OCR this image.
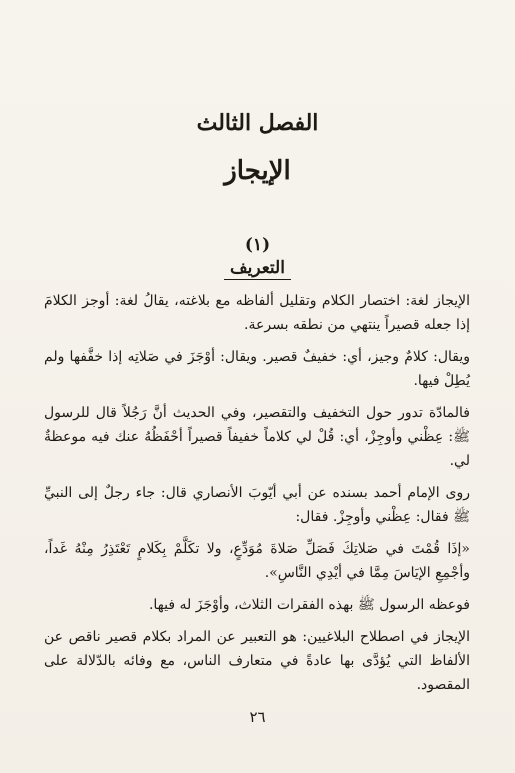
الفصل الثالث
الإيجاز
(١)
التعريف

الإيجاز لغة: اختصار الكلام وتقليل ألفاظه مع بلاغته، يقالُ لغة: أوجز الكلامَ إذا جعله قصيراً ينتهي من نطقه بسرعة.

ويقال: كلامٌ وجيز، أي: خفيفٌ قصير. ويقال: أوْجَزَ في صَلاتِه إذا خفَّفها ولم يُطِلْ فيها.

فالمادّة تدور حول التخفيف والتقصير، وفي الحديث أنَّ رَجُلاً قال للرسول ﷺ: عِظْني وأوجِزْ، أي: قُلْ لي كلاماً خفيفاً قصيراً أحْفَظُهُ عنك فيه موعظةٌ لي.

روى الإمام أحمد بسنده عن أبي أيّوبَ الأنصاري قال: جاء رجلٌ إلى النبيِّ ﷺ فقال: عِظْني وأوجِزْ. فقال:

«إذَا قُمْتَ في صَلاتِكَ فَصَلِّ صَلاةَ مُوَدِّعٍ، ولا تكَلَّمْ بِكَلامٍ تَعْتَذِرُ مِنْهُ غَداً، وأجْمِعِ الإيَاسَ مِمَّا في أيْدِي النَّاسِ».

فوعظه الرسول ﷺ بهذه الفقرات الثلاث، وأوْجَزَ له فيها.

الإيجاز في اصطلاح البلاغيين: هو التعبير عن المراد بكلام قصير ناقص عن الألفاظ التي يُؤدَّى بها عادةً في متعارف الناس، مع وفائه بالدّلالة على المقصود.

٢٦
